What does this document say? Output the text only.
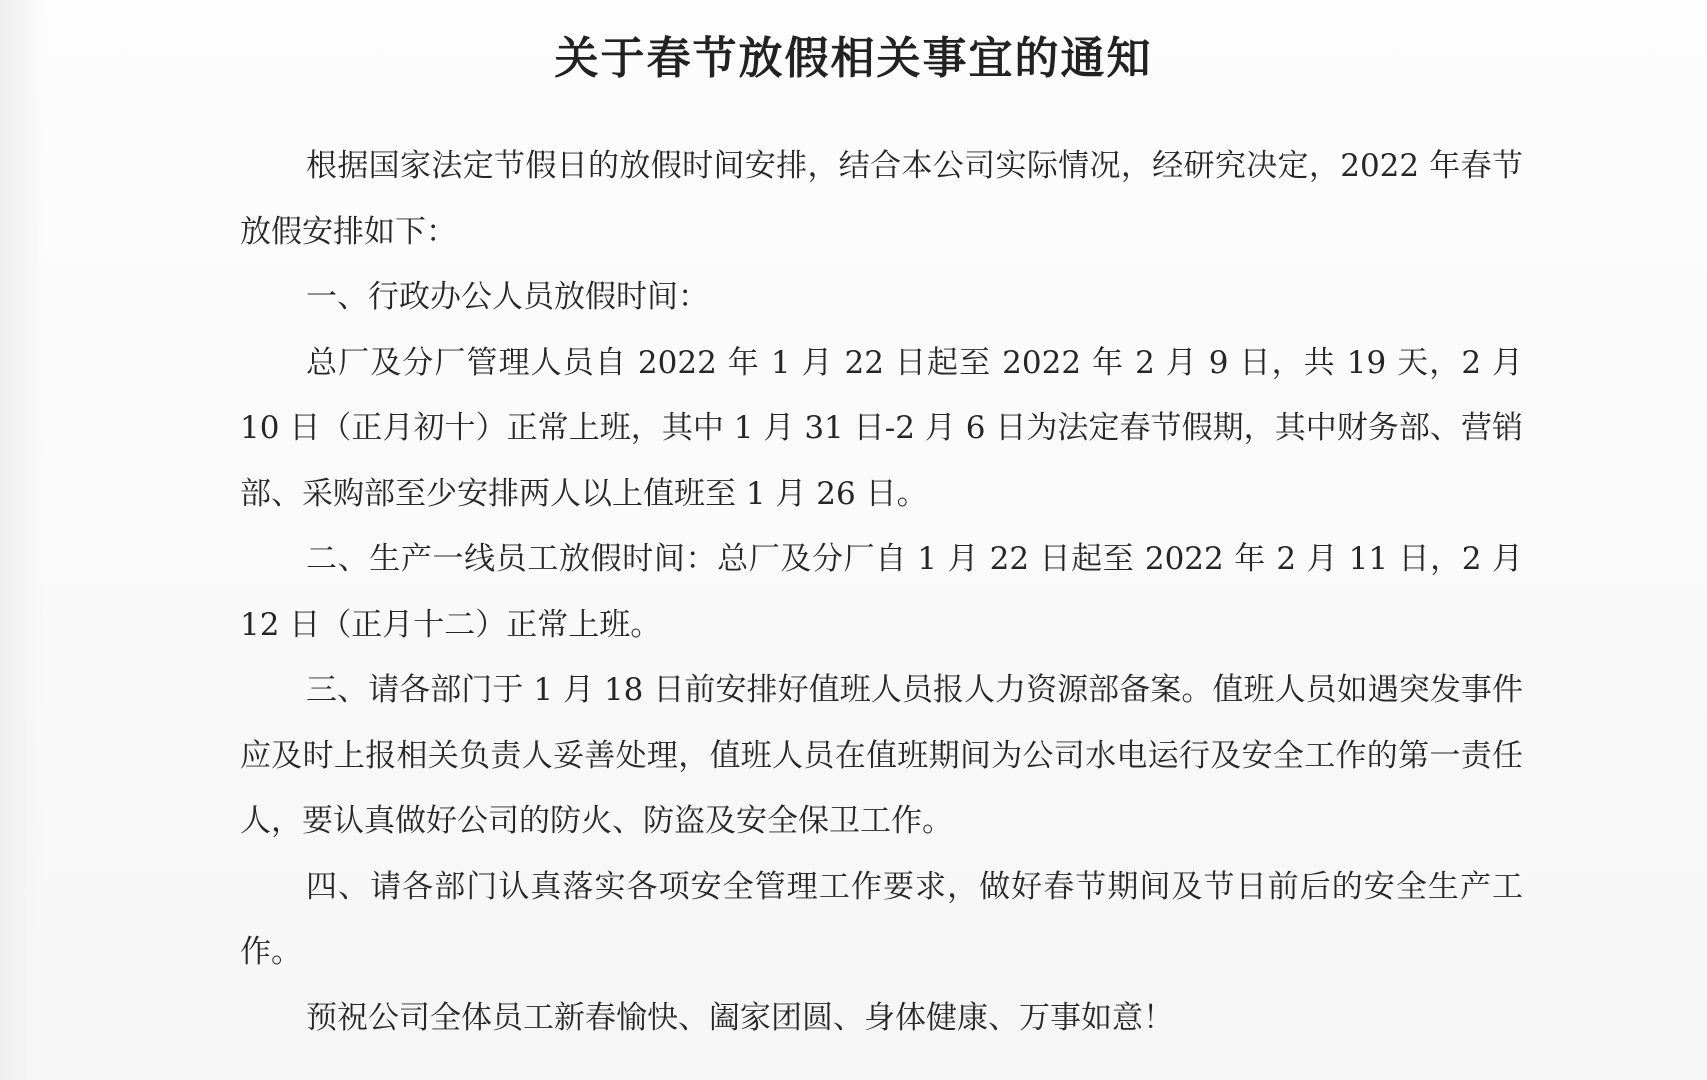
关于春节放假相关事宜的通知

根据国家法定节假日的放假时间安排，结合本公司实际情况，经研究决定，2022 年春节放假安排如下：

一、行政办公人员放假时间：

总厂及分厂管理人员自 2022 年 1 月 22 日起至 2022 年 2 月 9 日，共 19 天，2 月 10 日（正月初十）正常上班，其中 1 月 31 日-2 月 6 日为法定春节假期，其中财务部、营销部、采购部至少安排两人以上值班至 1 月 26 日。

二、生产一线员工放假时间：总厂及分厂自 1 月 22 日起至 2022 年 2 月 11 日，2 月 12 日（正月十二）正常上班。

三、请各部门于 1 月 18 日前安排好值班人员报人力资源部备案。值班人员如遇突发事件应及时上报相关负责人妥善处理，值班人员在值班期间为公司水电运行及安全工作的第一责任人，要认真做好公司的防火、防盗及安全保卫工作。

四、请各部门认真落实各项安全管理工作要求，做好春节期间及节日前后的安全生产工作。

预祝公司全体员工新春愉快、阖家团圆、身体健康、万事如意！
